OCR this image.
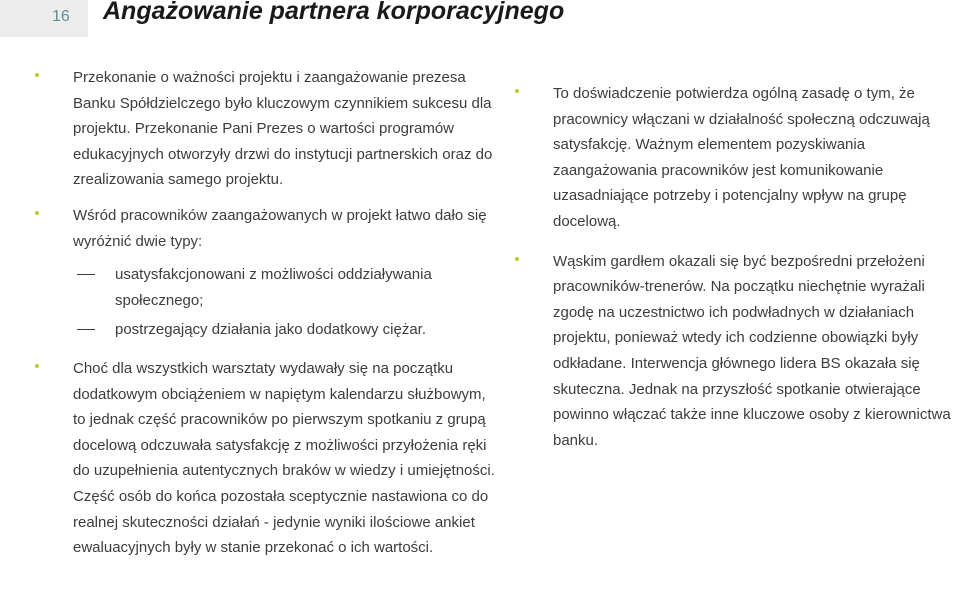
16 Angażowanie partnera korporacyjnego
Przekonanie o ważności projektu i zaangażowanie prezesa Banku Spółdzielczego było kluczowym czynnikiem sukcesu dla projektu. Przekonanie Pani Prezes o wartości programów edukacyjnych otworzyły drzwi do instytucji partnerskich oraz do zrealizowania samego projektu.
Wśród pracowników zaangażowanych w projekt łatwo dało się wyróżnić dwie typy:
usatysfakcjonowani z możliwości oddziaływania społecznego;
postrzegający działania jako dodatkowy ciężar.
Choć dla wszystkich warsztaty wydawały się na początku dodatkowym obciążeniem w napiętym kalendarzu służbowym, to jednak część pracowników po pierwszym spotkaniu z grupą docelową odczuwała satysfakcję z możliwości przyłożenia ręki do uzupełnienia autentycznych braków w wiedzy i umiejętności. Część osób do końca pozostała sceptycznie nastawiona co do realnej skuteczności działań - jedynie wyniki ilościowe ankiet ewaluacyjnych były w stanie przekonać o ich wartości.
To doświadczenie potwierdza ogólną zasadę o tym, że pracownicy włączani w działalność społeczną odczuwają satysfakcję. Ważnym elementem pozyskiwania zaangażowania pracowników jest komunikowanie uzasadniające potrzeby i potencjalny wpływ na grupę docelową.
Wąskim gardłem okazali się być bezpośredni przełożeni pracowników-trenerów. Na początku niechętnie wyrażali zgodę na uczestnictwo ich podwładnych w działaniach projektu, ponieważ wtedy ich codzienne obowiązki były odkładane. Interwencja głównego lidera BS okazała się skuteczna. Jednak na przyszłość spotkanie otwierające powinno włączać także inne kluczowe osoby z kierownictwa banku.
